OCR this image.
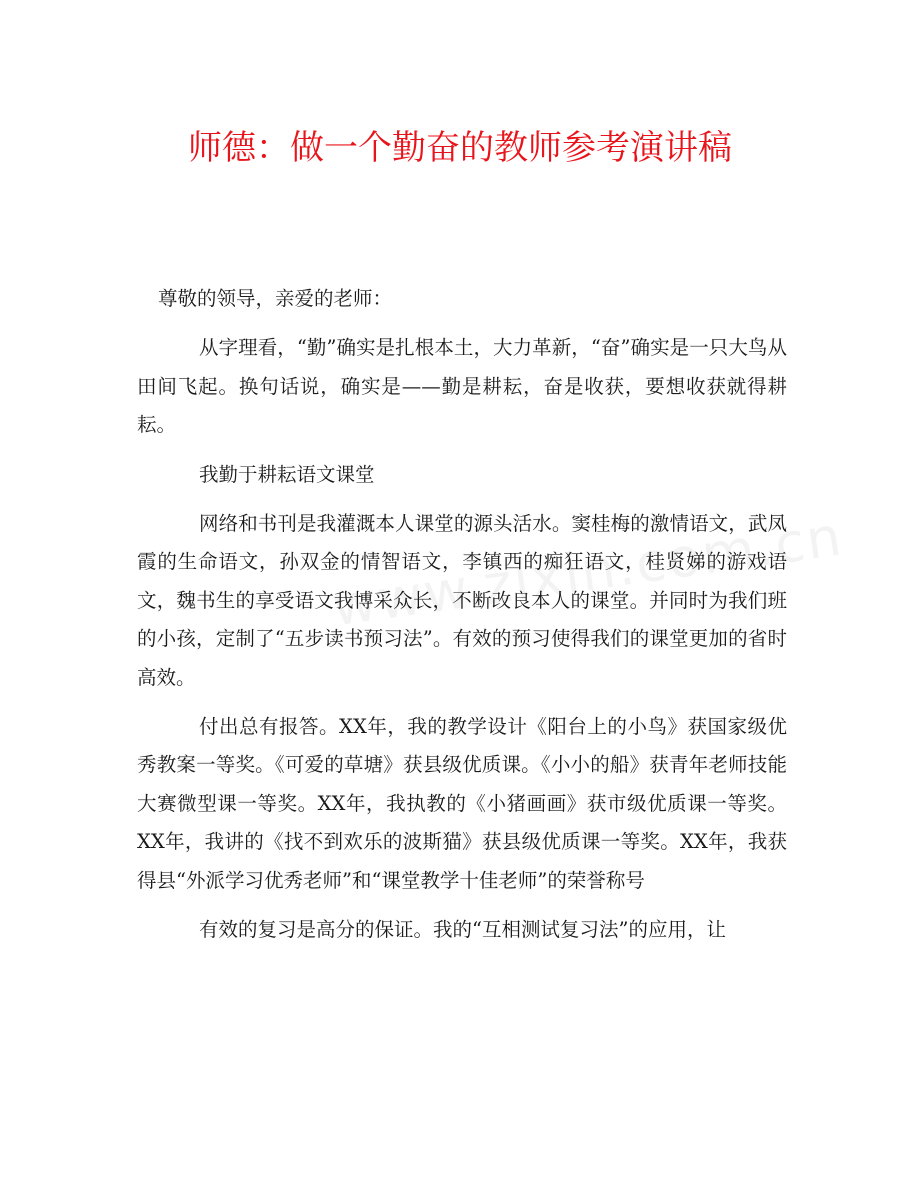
师德：做一个勤奋的教师参考演讲稿

尊敬的领导，亲爱的老师：

从字理看，“勤”确实是扎根本土，大力革新，“奋”确实是一只大鸟从田间飞起。换句话说，确实是——勤是耕耘，奋是收获，要想收获就得耕耘。

我勤于耕耘语文课堂

网络和书刊是我灌溉本人课堂的源头活水。窦桂梅的激情语文，武凤霞的生命语文，孙双金的情智语文，李镇西的痴狂语文，桂贤娣的游戏语文，魏书生的享受语文我博采众长，不断改良本人的课堂。并同时为我们班的小孩，定制了“五步读书预习法”。有效的预习使得我们的课堂更加的省时高效。

付出总有报答。XX年，我的教学设计《阳台上的小鸟》获国家级优秀教案一等奖。《可爱的草塘》获县级优质课。《小小的船》获青年老师技能大赛微型课一等奖。XX年，我执教的《小猪画画》获市级优质课一等奖。XX年，我讲的《找不到欢乐的波斯猫》获县级优质课一等奖。XX年，我获得县“外派学习优秀老师”和“课堂教学十佳老师”的荣誉称号

有效的复习是高分的保证。我的“互相测试复习法”的应用，让
